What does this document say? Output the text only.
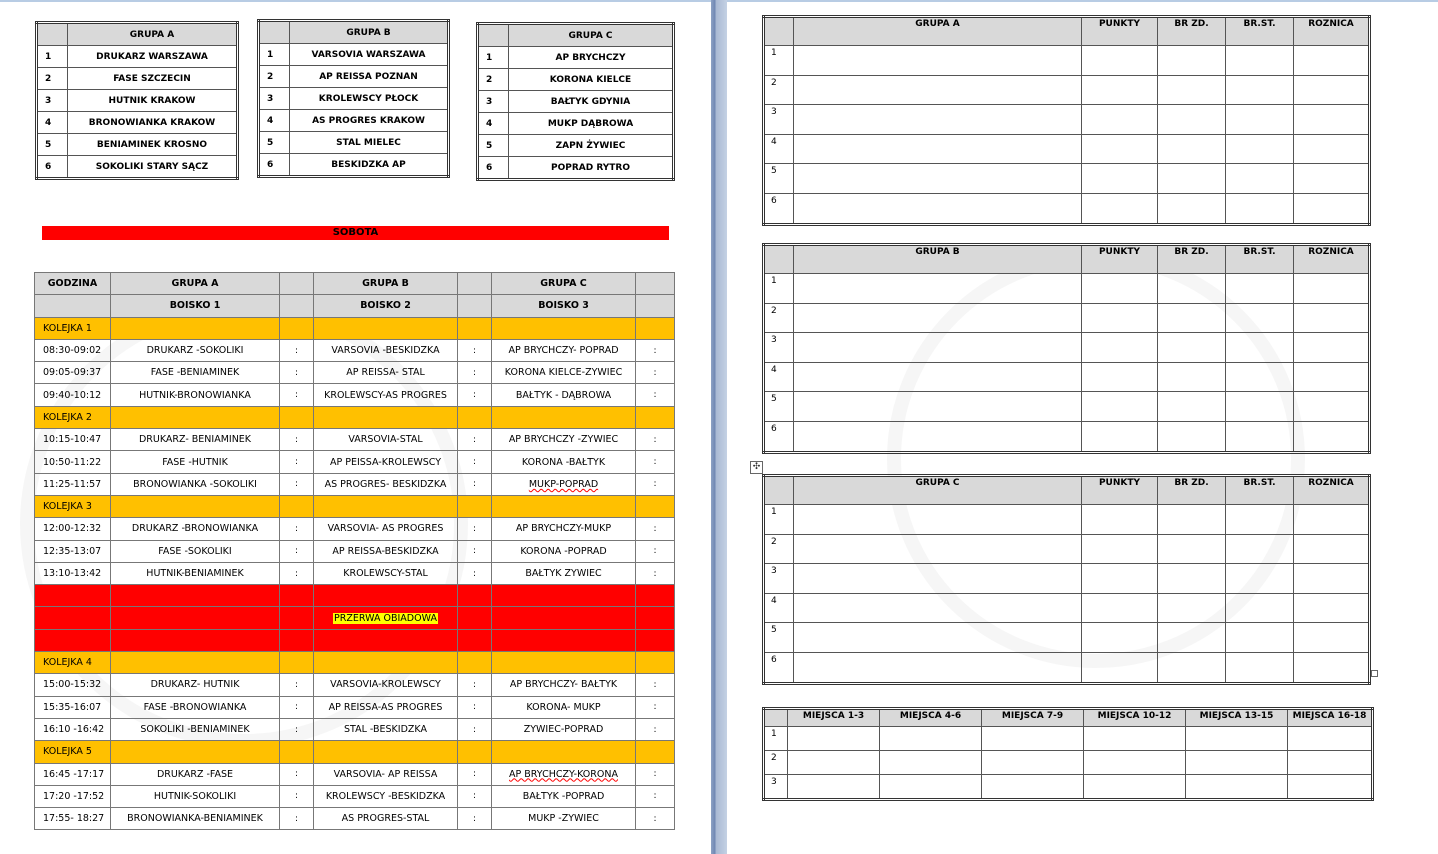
	GRUPA A
1	DRUKARZ WARSZAWA
2	FASE SZCZECIN
3	HUTNIK KRAKOW
4	BRONOWIANKA KRAKOW
5	BENIAMINEK KROSNO
6	SOKOLIKI STARY SĄCZ
	GRUPA B
1	VARSOVIA WARSZAWA
2	AP REISSA POZNAN
3	KROLEWSCY PŁOCK
4	AS PROGRES KRAKOW
5	STAL MIELEC
6	BESKIDZKA AP
	GRUPA C
1	AP BRYCHCZY
2	KORONA KIELCE
3	BAŁTYK GDYNIA
4	MUKP DĄBROWA
5	ZAPN ŻYWIEC
6	POPRAD RYTRO
SOBOTA
GODZINA	GRUPA A		GRUPA B		GRUPA C	
	BOISKO 1		BOISKO 2		BOISKO 3	
KOLEJKA 1						
08:30-09:02	DRUKARZ -SOKOLIKI	:	VARSOVIA -BESKIDZKA	:	AP BRYCHCZY- POPRAD	:
09:05-09:37	FASE -BENIAMINEK	:	AP REISSA- STAL	:	KORONA KIELCE-ZYWIEC	:
09:40-10:12	HUTNIK-BRONOWIANKA	:	KROLEWSCY-AS PROGRES	:	BAŁTYK - DĄBROWA	:
KOLEJKA 2						
10:15-10:47	DRUKARZ- BENIAMINEK	:	VARSOVIA-STAL	:	AP BRYCHCZY -ZYWIEC	:
10:50-11:22	FASE -HUTNIK	:	AP PEISSA-KROLEWSCY	:	KORONA -BAŁTYK	:
11:25-11:57	BRONOWIANKA -SOKOLIKI	:	AS PROGRES- BESKIDZKA	:	MUKP-POPRAD	:
KOLEJKA 3						
12:00-12:32	DRUKARZ -BRONOWIANKA	:	VARSOVIA- AS PROGRES	:	AP BRYCHCZY-MUKP	:
12:35-13:07	FASE -SOKOLIKI	:	AP REISSA-BESKIDZKA	:	KORONA -POPRAD	:
13:10-13:42	HUTNIK-BENIAMINEK	:	KROLEWSCY-STAL	:	BAŁTYK ZYWIEC	:

			PRZERWA OBIADOWA			

KOLEJKA 4						
15:00-15:32	DRUKARZ- HUTNIK	:	VARSOVIA-KROLEWSCY	:	AP BRYCHCZY- BAŁTYK	:
15:35-16:07	FASE -BRONOWIANKA	:	AP REISSA-AS PROGRES	:	KORONA- MUKP	:
16:10 -16:42	SOKOLIKI -BENIAMINEK	:	STAL -BESKIDZKA	:	ZYWIEC-POPRAD	:
KOLEJKA 5						
16:45 -17:17	DRUKARZ -FASE	:	VARSOVIA- AP REISSA	:	AP BRYCHCZY-KORONA	:
17:20 -17:52	HUTNIK-SOKOLIKI	:	KROLEWSCY -BESKIDZKA	:	BAŁTYK -POPRAD	:
17:55- 18:27	BRONOWIANKA-BENIAMINEK	:	AS PROGRES-STAL	:	MUKP -ZYWIEC	:
	GRUPA A	PUNKTY	BR ZD.	BR.ST.	ROZNICA
1					
2					
3					
4					
5					
6					
	GRUPA B	PUNKTY	BR ZD.	BR.ST.	ROZNICA
1					
2					
3					
4					
5					
6					
✣
	GRUPA C	PUNKTY	BR ZD.	BR.ST.	ROZNICA
1					
2					
3					
4					
5					
6					
	MIEJSCA 1-3	MIEJSCA 4-6	MIEJSCA 7-9	MIEJSCA 10-12	MIEJSCA 13-15	MIEJSCA 16-18
1						
2						
3						
